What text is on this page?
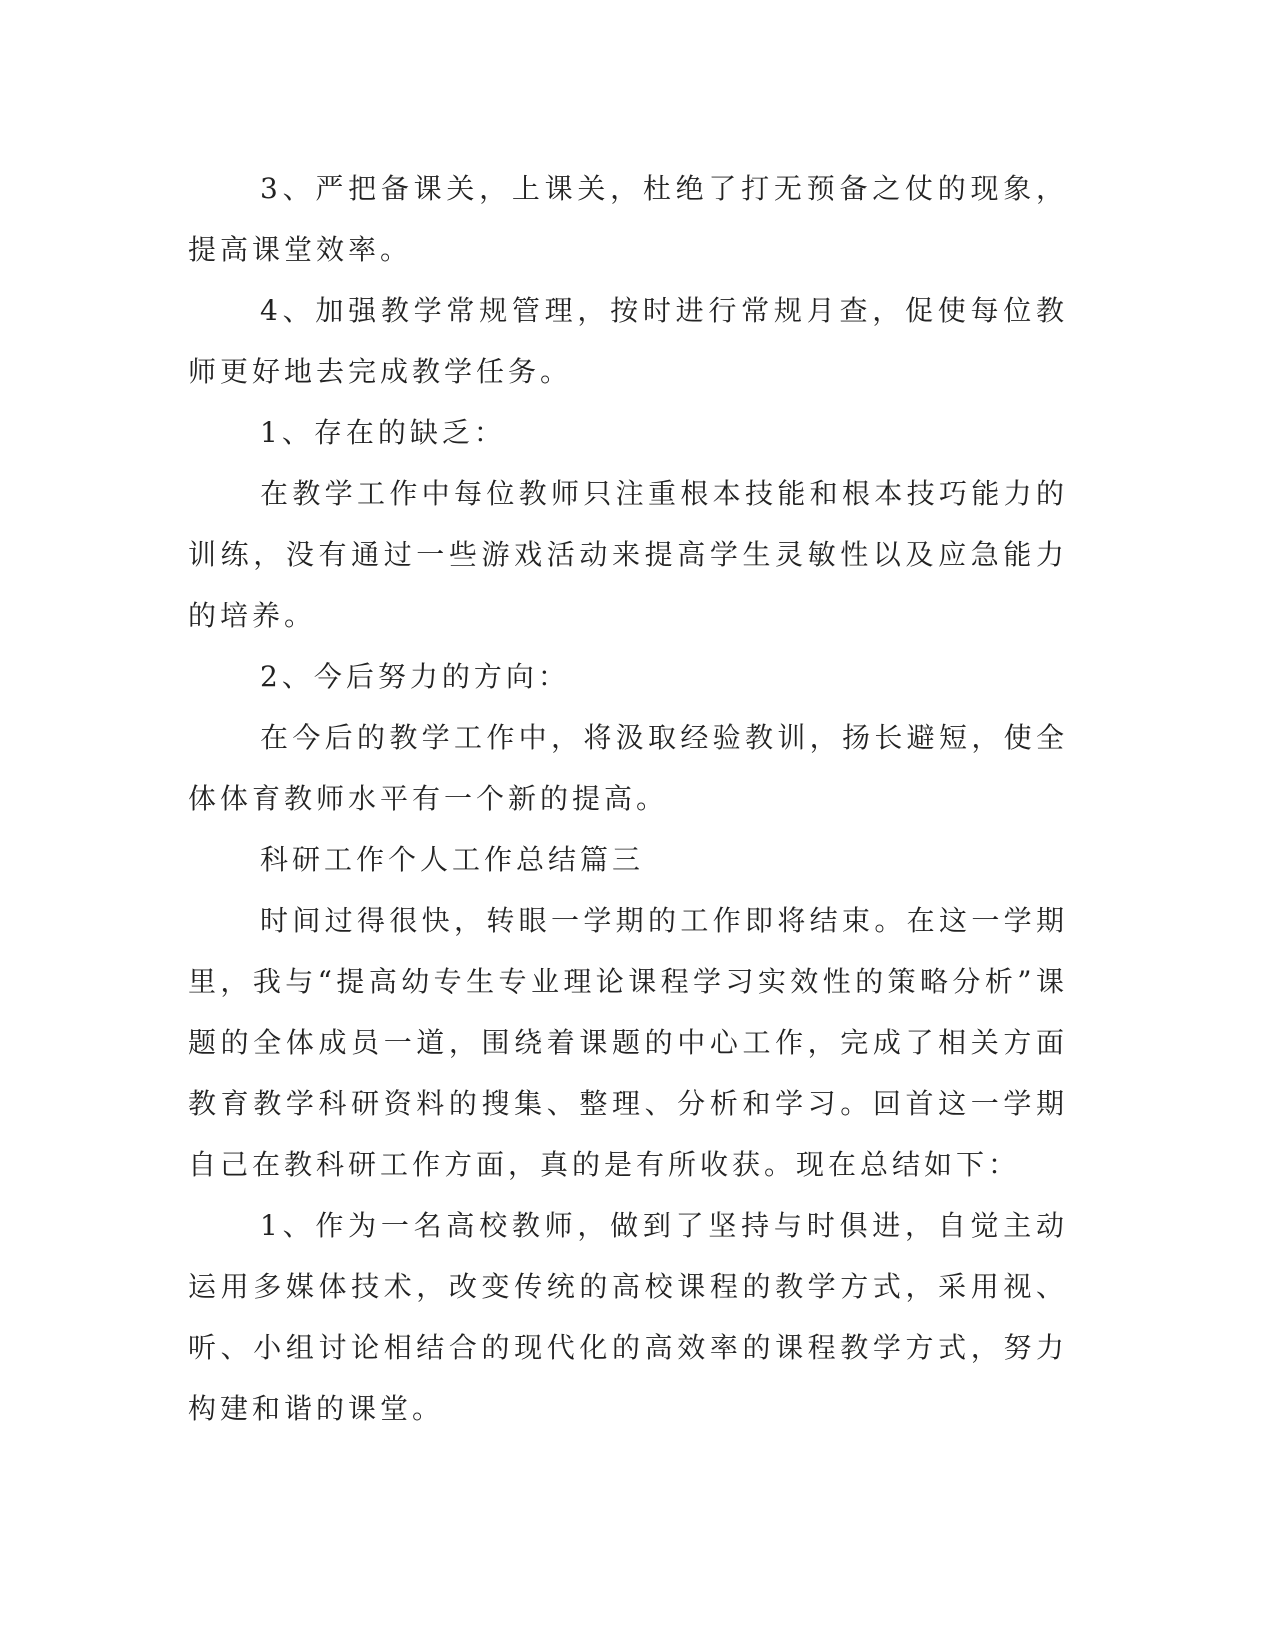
3、严把备课关，上课关，杜绝了打无预备之仗的现象，提高课堂效率。

4、加强教学常规管理，按时进行常规月查，促使每位教师更好地去完成教学任务。

1、存在的缺乏：

在教学工作中每位教师只注重根本技能和根本技巧能力的训练，没有通过一些游戏活动来提高学生灵敏性以及应急能力的培养。

2、今后努力的方向：

在今后的教学工作中，将汲取经验教训，扬长避短，使全体体育教师水平有一个新的提高。

科研工作个人工作总结篇三

时间过得很快，转眼一学期的工作即将结束。在这一学期里，我与“提高幼专生专业理论课程学习实效性的策略分析”课题的全体成员一道，围绕着课题的中心工作，完成了相关方面教育教学科研资料的搜集、整理、分析和学习。回首这一学期自己在教科研工作方面，真的是有所收获。现在总结如下：

1、作为一名高校教师，做到了坚持与时俱进，自觉主动运用多媒体技术，改变传统的高校课程的教学方式，采用视、听、小组讨论相结合的现代化的高效率的课程教学方式，努力构建和谐的课堂。
